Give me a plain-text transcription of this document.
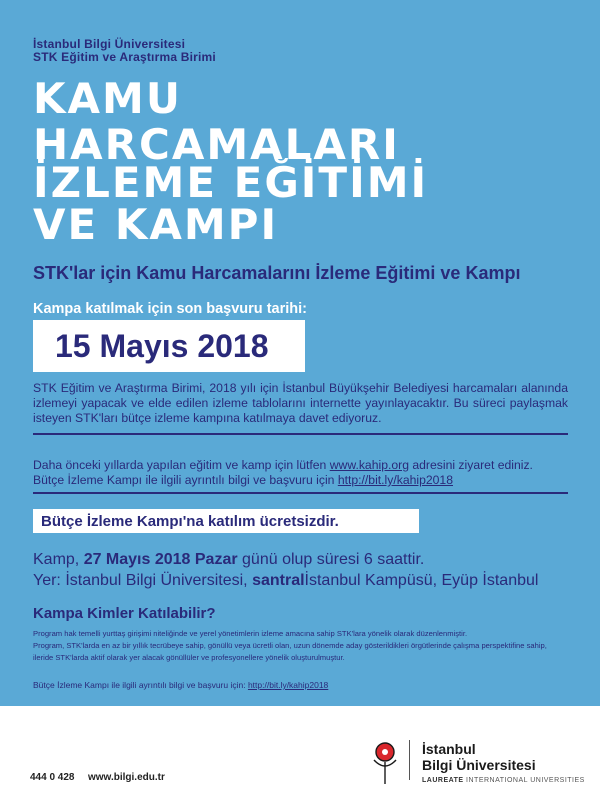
İstanbul Bilgi Üniversitesi
STK Eğitim ve Araştırma Birimi
KAMU
HARCAMALARI
İZLEME EĞİTİMİ
VE KAMPI
STK'lar için Kamu Harcamalarını İzleme Eğitimi ve Kampı
Kampa katılmak için son başvuru tarihi:
15 Mayıs 2018
STK Eğitim ve Araştırma Birimi, 2018 yılı için İstanbul Büyükşehir Belediyesi harcamaları alanında izlemeyi yapacak ve elde edilen izleme tablolarını internette yayınlayacaktır. Bu süreci paylaşmak isteyen STK'ları bütçe izleme kampına katılmaya davet ediyoruz.
Daha önceki yıllarda yapılan eğitim ve kamp için lütfen www.kahip.org adresini ziyaret ediniz.
Bütçe İzleme Kampı ile ilgili ayrıntılı bilgi ve başvuru için http://bit.ly/kahip2018
Bütçe İzleme Kampı'na katılım ücretsizdir.
Kamp, 27 Mayıs 2018 Pazar günü olup süresi 6 saattir.
Yer: İstanbul Bilgi Üniversitesi, santralİstanbul Kampüsü, Eyüp İstanbul
Kampa Kimler Katılabilir?
Program hak temelli yurttaş girişimi niteliğinde ve yerel yönetimlerin izleme amacına sahip STK'lara yönelik olarak düzenlenmiştir.
Program, STK'larda en az bir yıllık tecrübeye sahip, gönüllü veya ücretli olan, uzun dönemde aday gösterildikleri örgütlerinde çalışma perspektifine sahip, ileride STK'larda aktif olarak yer alacak gönüllüler ve profesyonellere yönelik oluşturulmuştur.
Bütçe İzleme Kampı ile ilgili ayrıntılı bilgi ve başvuru için: http://bit.ly/kahip2018
444 0 428 www.bilgi.edu.tr
İstanbul
Bilgi Üniversitesi
LAUREATE INTERNATIONAL UNIVERSITIES
